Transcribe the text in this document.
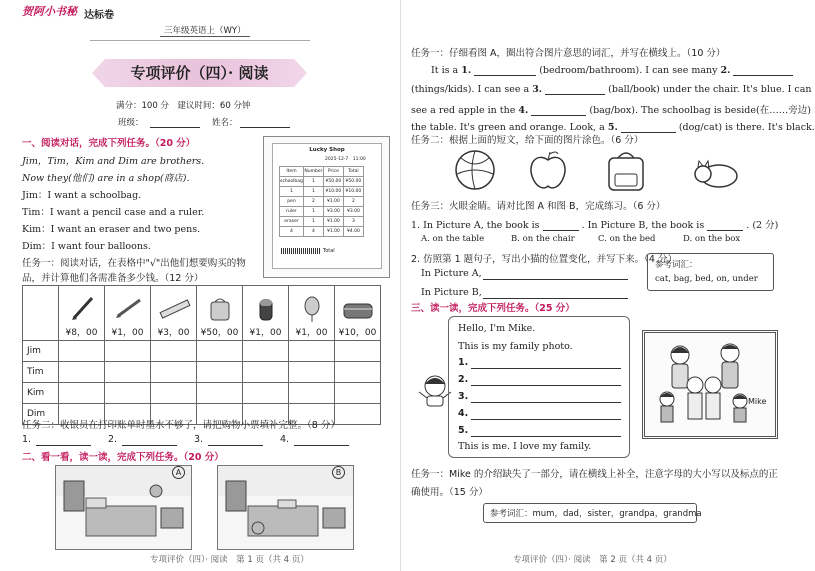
贺阿小书秘 达标卷
三年级英语上（WY）
专项评价（四）· 阅读
满分：100 分　建议时间：60 分钟
班级：	姓名：
一、阅读对话，完成下列任务。（20 分）
Jim，Tim，Kim and Dim are brothers.
Now they(他们) are in a shop(商店).
Jim：I want a schoolbag.
Tim：I want a pencil case and a ruler.
Kim：I want an eraser and two pens.
Dim：I want four balloons.
任务一：阅读对话，在表格中"√"出他们想要购买的物
品，并计算他们各需准备多少钱。（12 分）
Lucky Shop
2025-12-7　11:00
Item	Number	Price	Total
schoolbag	1	¥50.00	¥50.00
1	1	¥10.00	¥10.00
pen	2	¥1.00	2
ruler	1	¥3.00	¥3.00
eraser	1	¥1.00	3
4	4	¥1.00	¥4.00
Total

¥8，00	¥1，00	¥3，00	¥50，00	¥1，00	¥1，00	¥10，00
Jim							
Tim							
Kim							
Dim							
任务二：收银员在打印账单时墨水不够了，请把购物小票填补完整。（8 分）
1.	2.	3.	4.
二、看一看，读一读，完成下列任务。（20 分）
A	B
专项评价（四）· 阅读　第 1 页（共 4 页）
任务一：仔细看图 A，圈出符合图片意思的词汇，并写在横线上。（10 分）
It is a 1.	(bedroom/bathroom). I can see many 2.
(things/kids). I can see a 3.	(ball/book) under the chair. It's blue. I can
see a red apple in the 4.	(bag/box). The schoolbag is beside(在……旁边)
the table. It's green and orange. Look, a 5.	(dog/cat) is there. It's black.
任务二：根据上面的短文，给下面的图片涂色。（6 分）
任务三：火眼金睛。请对比图 A 和图 B，完成练习。（6 分）
1. In Picture A, the book is	. In Picture B, the book is	. (2 分)
A. on the table	B. on the chair	C. on the bed	D. on the box
2. 仿照第 1 题句子，写出小猫的位置变化，并写下来。（4 分）
In Picture A,
In Picture B,
参考词汇：
cat, bag, bed, on, under
三、读一读，完成下列任务。（25 分）
Hello, I'm Mike.
This is my family photo.
1.
2.
3.
4.
5.
This is me. I love my family.
Mike
任务一：Mike 的介绍缺失了一部分，请在横线上补全，注意字母的大小写以及标点的正
确使用。（15 分）
参考词汇：mum，dad，sister，grandpa，grandma
专项评价（四）· 阅读　第 2 页（共 4 页）
